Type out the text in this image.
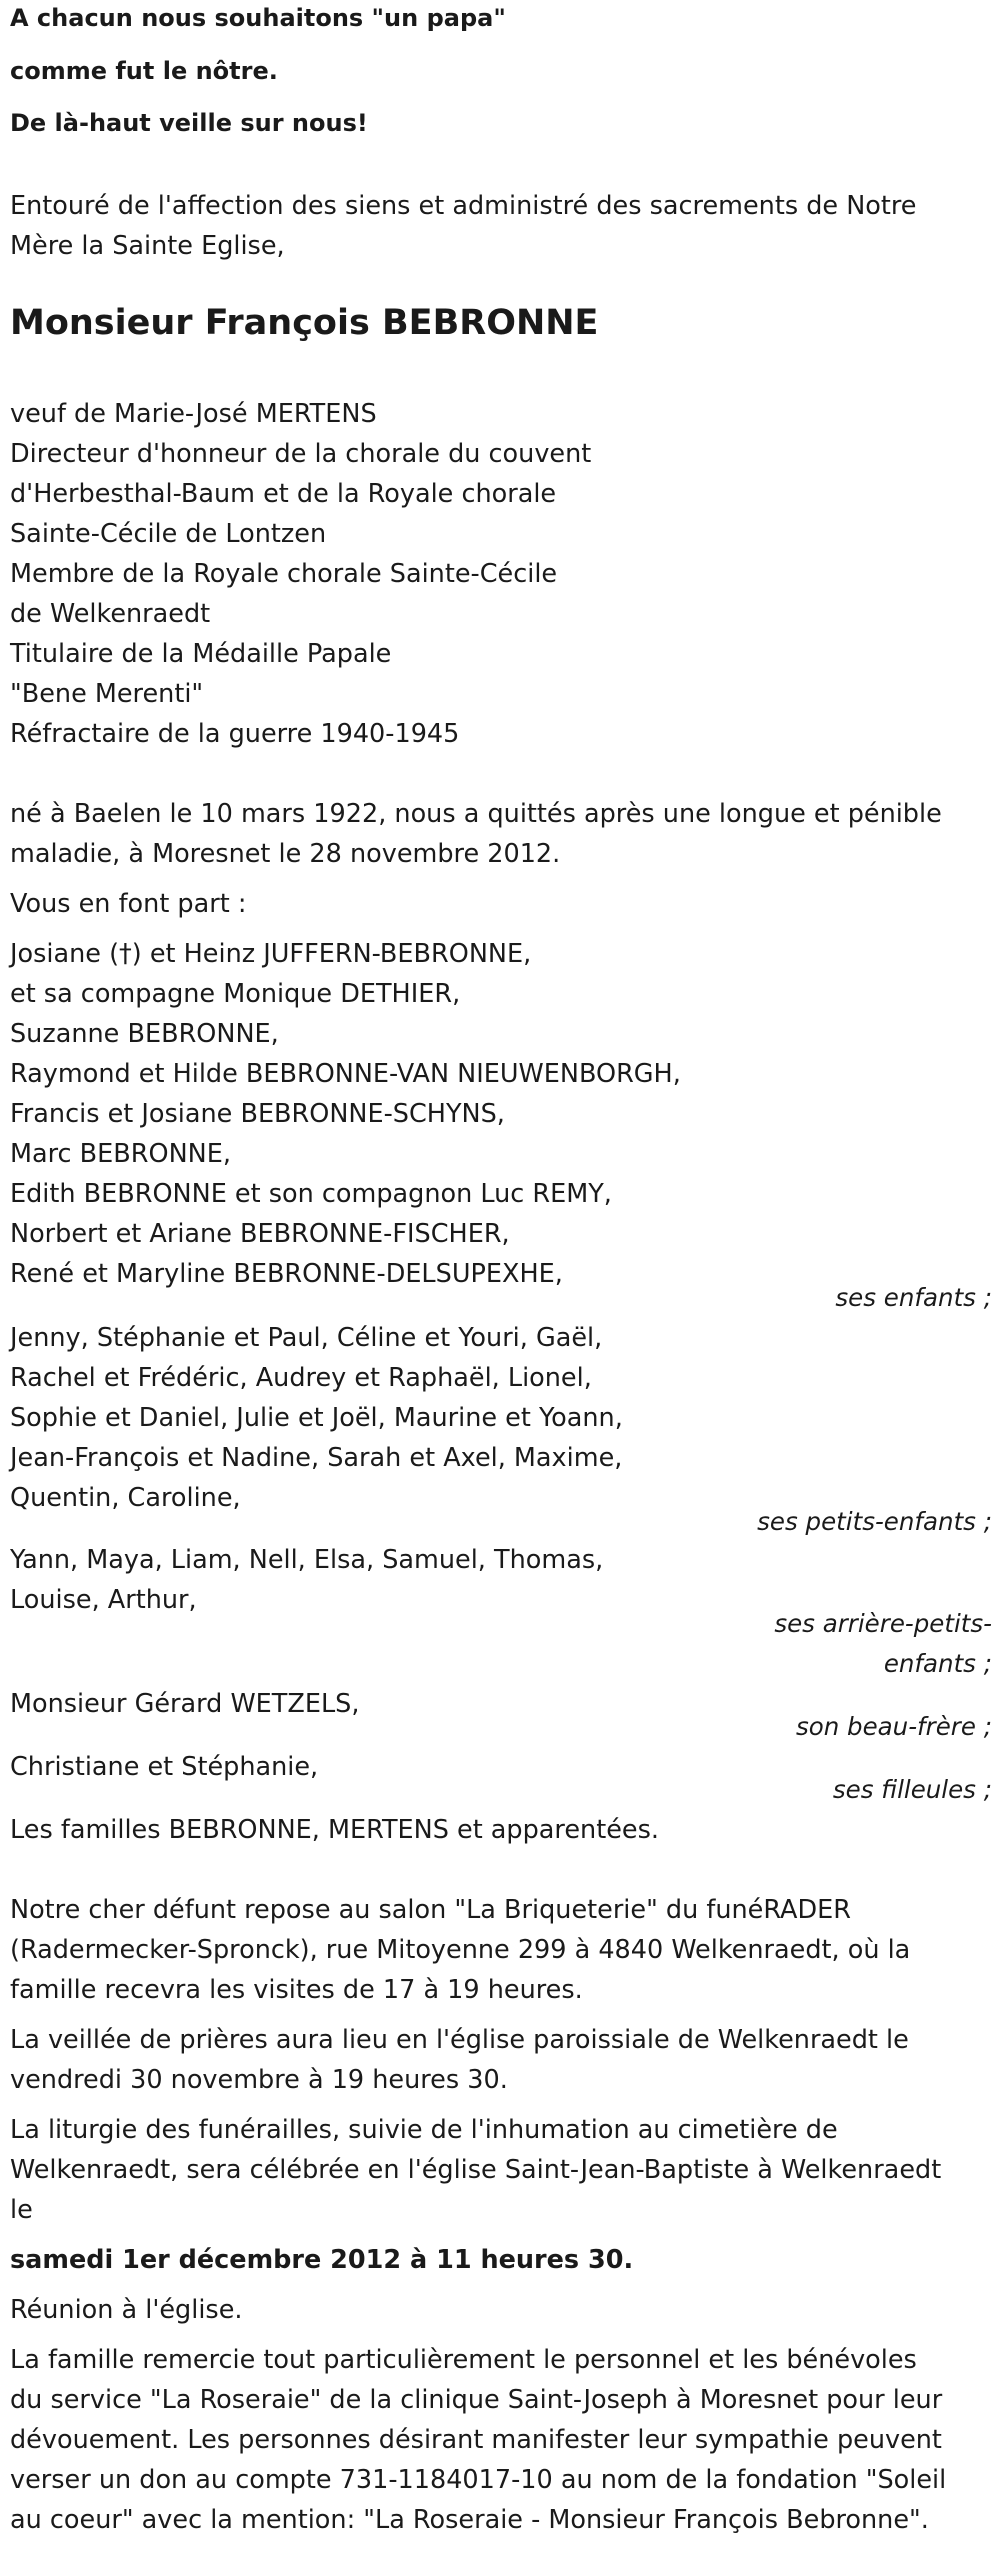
A chacun nous souhaitons "un papa"
comme fut le nôtre.
De là-haut veille sur nous!
Entouré de l'affection des siens et administré des sacrements de Notre
Mère la Sainte Eglise,
Monsieur François BEBRONNE
veuf de Marie-José MERTENS
Directeur d'honneur de la chorale du couvent
d'Herbesthal-Baum et de la Royale chorale
Sainte-Cécile de Lontzen
Membre de la Royale chorale Sainte-Cécile
de Welkenraedt
Titulaire de la Médaille Papale
"Bene Merenti"
Réfractaire de la guerre 1940-1945
né à Baelen le 10 mars 1922, nous a quittés après une longue et pénible
maladie, à Moresnet le 28 novembre 2012.
Vous en font part :
Josiane (†) et Heinz JUFFERN-BEBRONNE,
et sa compagne Monique DETHIER,
Suzanne BEBRONNE,
Raymond et Hilde BEBRONNE-VAN NIEUWENBORGH,
Francis et Josiane BEBRONNE-SCHYNS,
Marc BEBRONNE,
Edith BEBRONNE et son compagnon Luc REMY,
Norbert et Ariane BEBRONNE-FISCHER,
René et Maryline BEBRONNE-DELSUPEXHE,
ses enfants ;
Jenny, Stéphanie et Paul, Céline et Youri, Gaël,
Rachel et Frédéric, Audrey et Raphaël, Lionel,
Sophie et Daniel, Julie et Joël, Maurine et Yoann,
Jean-François et Nadine, Sarah et Axel, Maxime,
Quentin, Caroline,
ses petits-enfants ;
Yann, Maya, Liam, Nell, Elsa, Samuel, Thomas,
Louise, Arthur,
ses arrière-petits-
enfants ;
Monsieur Gérard WETZELS,
son beau-frère ;
Christiane et Stéphanie,
ses filleules ;
Les familles BEBRONNE, MERTENS et apparentées.
Notre cher défunt repose au salon "La Briqueterie" du funéRADER
(Radermecker-Spronck), rue Mitoyenne 299 à 4840 Welkenraedt, où la
famille recevra les visites de 17 à 19 heures.
La veillée de prières aura lieu en l'église paroissiale de Welkenraedt le
vendredi 30 novembre à 19 heures 30.
La liturgie des funérailles, suivie de l'inhumation au cimetière de
Welkenraedt, sera célébrée en l'église Saint-Jean-Baptiste à Welkenraedt
le
samedi 1er décembre 2012 à 11 heures 30.
Réunion à l'église.
La famille remercie tout particulièrement le personnel et les bénévoles
du service "La Roseraie" de la clinique Saint-Joseph à Moresnet pour leur
dévouement. Les personnes désirant manifester leur sympathie peuvent
verser un don au compte 731-1184017-10 au nom de la fondation "Soleil
au coeur" avec la mention: "La Roseraie - Monsieur François Bebronne".
